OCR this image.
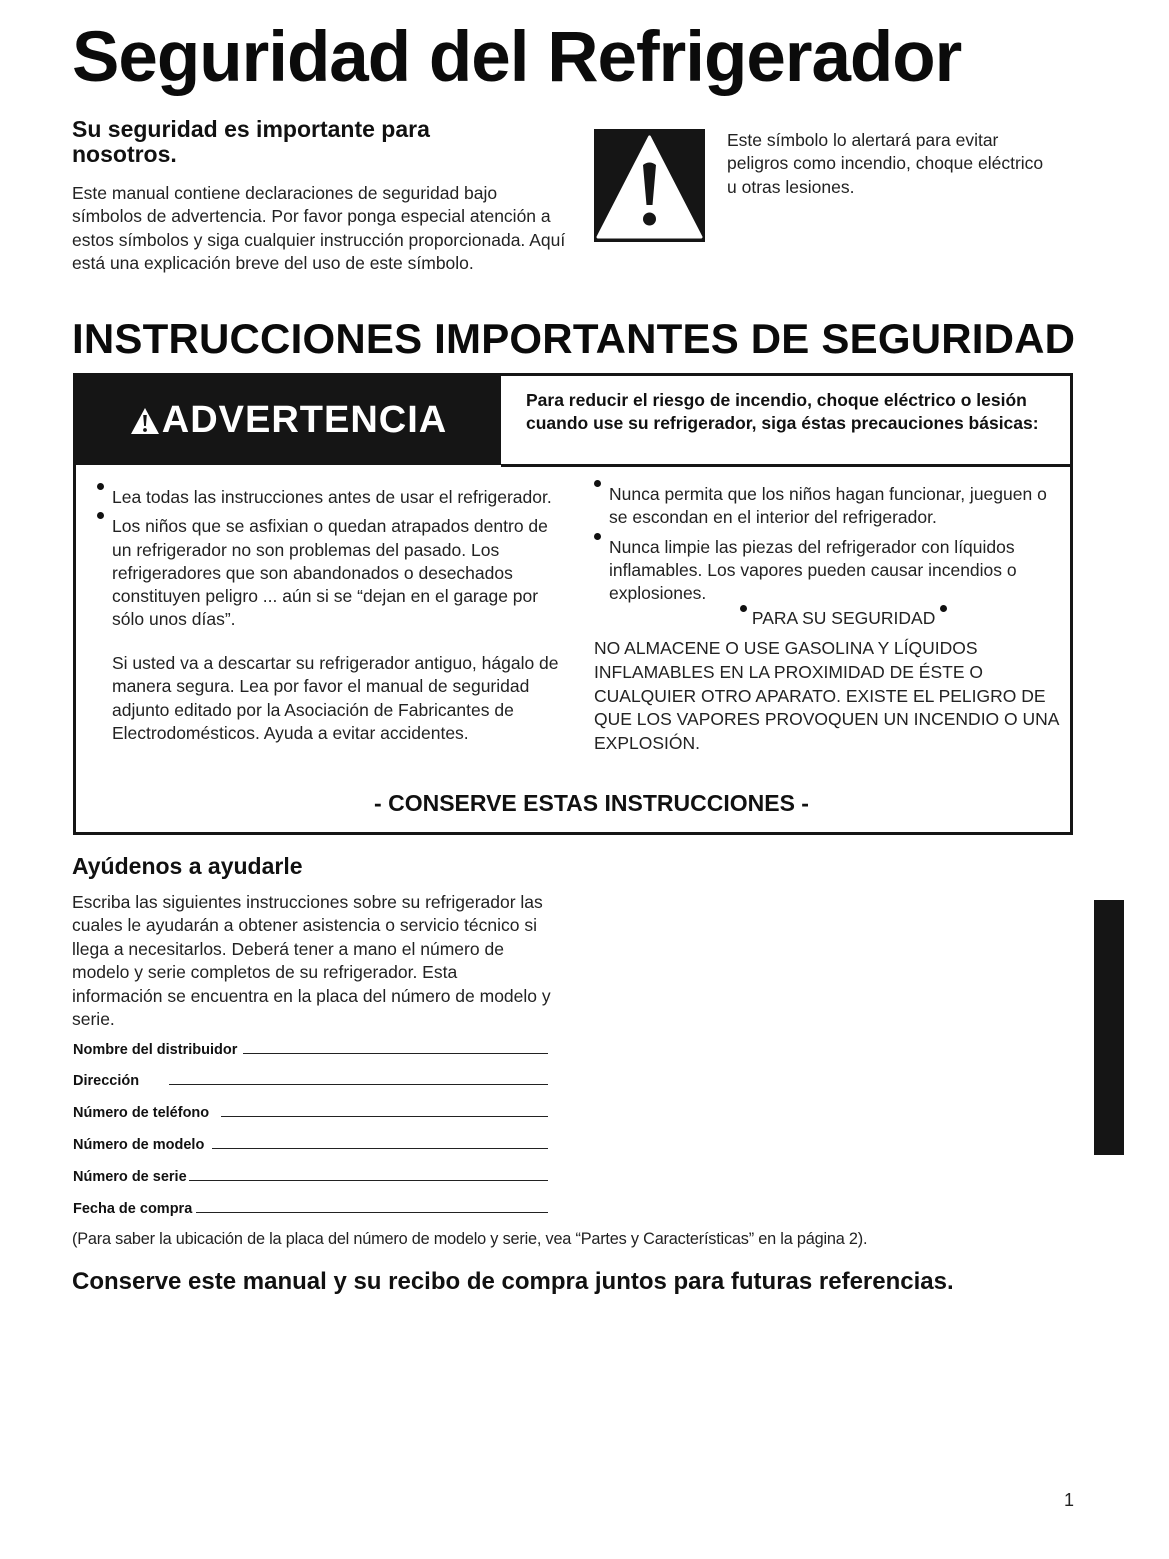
Seguridad del Refrigerador

Su seguridad es importante para nosotros.

Este manual contiene declaraciones de seguridad bajo símbolos de advertencia. Por favor ponga especial atención a estos símbolos y siga cualquier instrucción proporcionada. Aquí está una explicación breve del uso de este símbolo.

Este símbolo lo alertará para evitar peligros como incendio, choque eléctrico u otras lesiones.

INSTRUCCIONES IMPORTANTES DE SEGURIDAD
ADVERTENCIA	Para reducir el riesgo de incendio, choque eléctrico o lesión cuando use su refrigerador, siga éstas precauciones básicas:

Lea todas las instrucciones antes de usar el refrigerador.
Los niños que se asfixian o quedan atrapados dentro de un refrigerador no son problemas del pasado. Los refrigeradores que son abandonados o desechados constituyen peligro ... aún si se “dejan en el garage por sólo unos días”.

Si usted va a descartar su refrigerador antiguo, hágalo de manera segura. Lea por favor el manual de seguridad adjunto editado por la Asociación de Fabricantes de Electrodomésticos. Ayuda a evitar accidentes.

Nunca permita que los niños hagan funcionar, jueguen o se escondan en el interior del refrigerador.
Nunca limpie las piezas del refrigerador con líquidos inflamables. Los vapores pueden causar incendios o explosiones.

PARA SU SEGURIDAD

NO ALMACENE O USE GASOLINA Y LÍQUIDOS INFLAMABLES EN LA PROXIMIDAD DE ÉSTE O CUALQUIER OTRO APARATO. EXISTE EL PELIGRO DE QUE LOS VAPORES PROVOQUEN UN INCENDIO O UNA EXPLOSIÓN.

- CONSERVE ESTAS INSTRUCCIONES -

Ayúdenos a ayudarle

Escriba las siguientes instrucciones sobre su refrigerador las cuales le ayudarán a obtener asistencia o servicio técnico si llega a necesitarlos. Deberá tener a mano el número de modelo y serie completos de su refrigerador. Esta información se encuentra en la placa del número de modelo y serie.

Nombre del distribuidor
Dirección
Número de teléfono
Número de modelo
Número de serie
Fecha de compra

(Para saber la ubicación de la placa del número de modelo y serie, vea “Partes y Características” en la página 2).

Conserve este manual y su recibo de compra juntos para futuras referencias.

1
